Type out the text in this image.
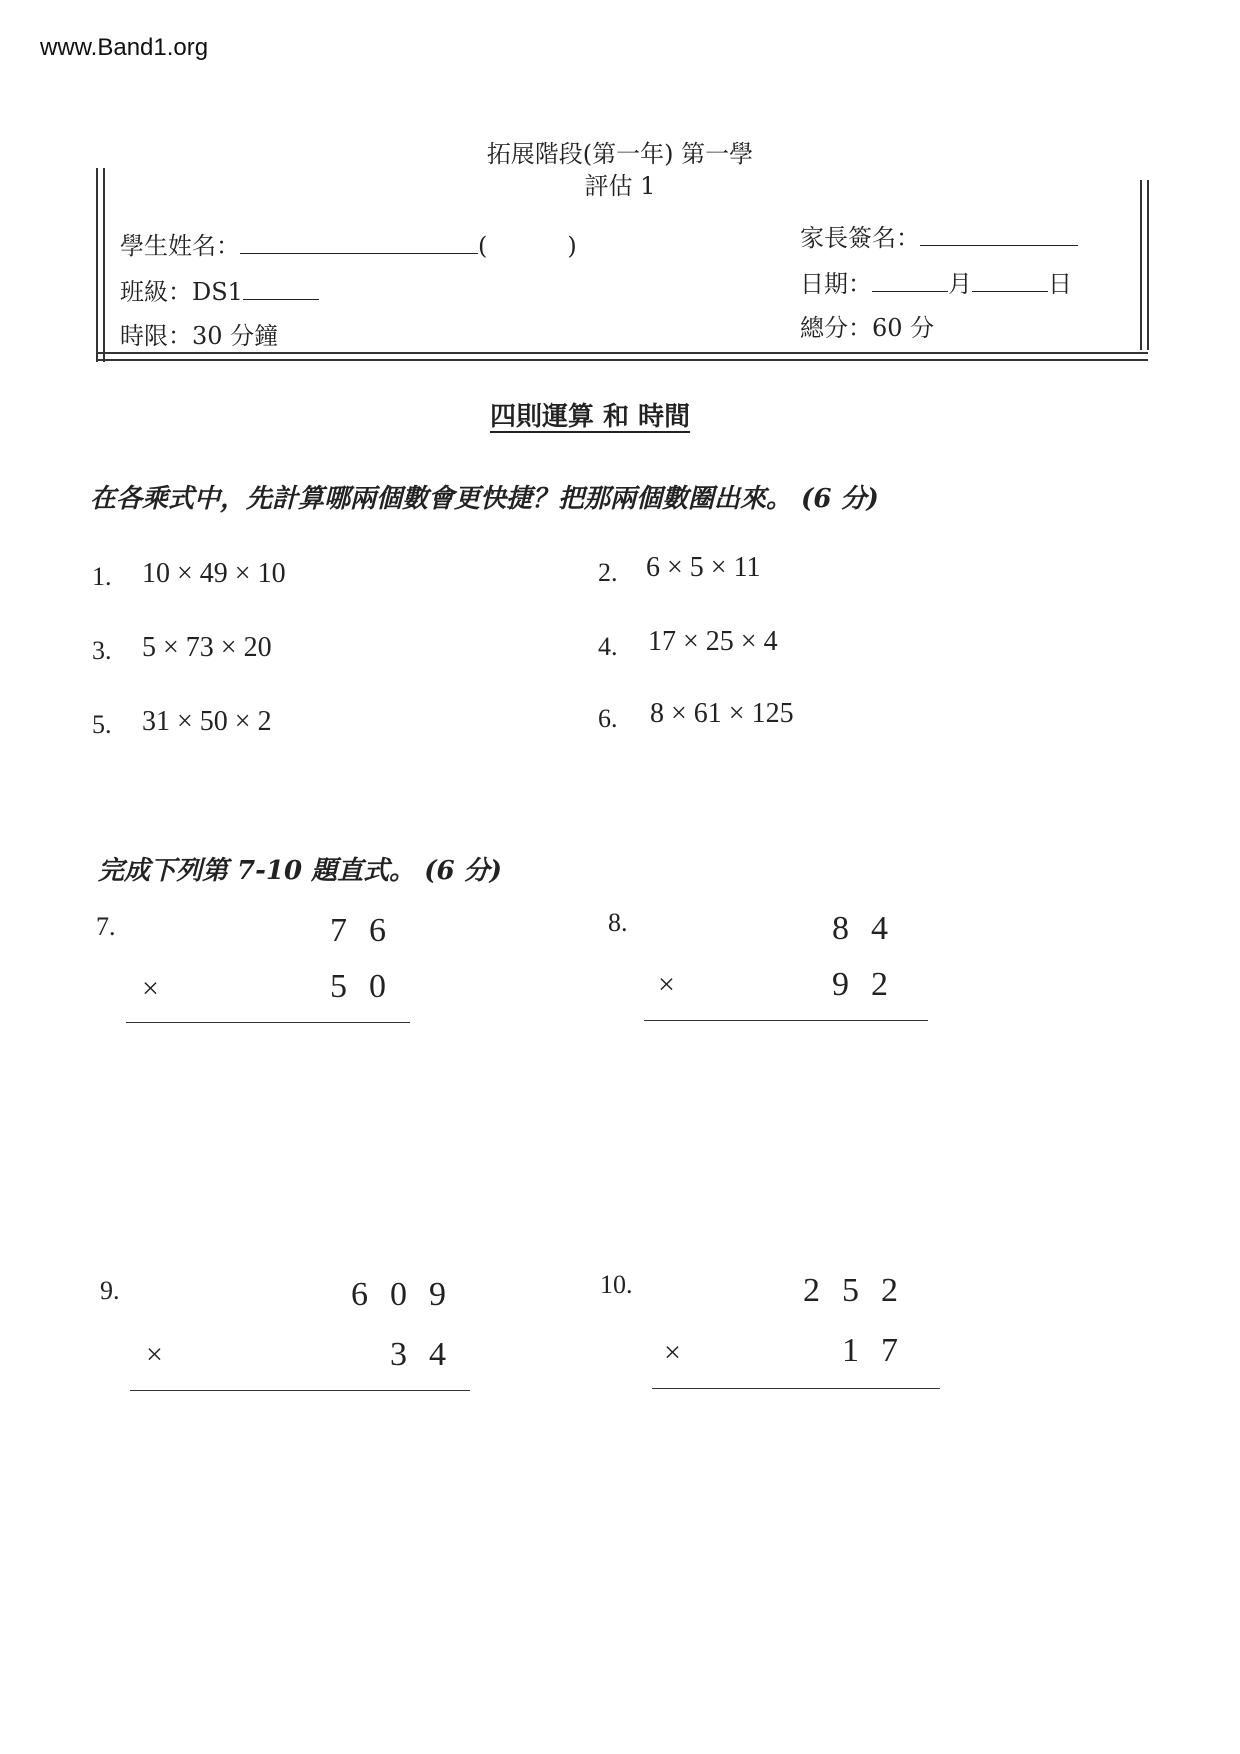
www.Band1.org
拓展階段(第一年) 第一學
評估 1
學生姓名：	(	)
班級：DS1
時限：30 分鐘
家長簽名：
日期：	月	日
總分：60 分
四則運算 和 時間
在各乘式中，先計算哪兩個數會更快捷？把那兩個數圈出來。 (6 分)
1. 10 × 49 × 10	2. 6 × 5 × 11
3. 5 × 73 × 20	4. 17 × 25 × 4
5. 31 × 50 × 2	6. 8 × 61 × 125
完成下列第 7-10 題直式。 (6 分)
7.	76
×	50
8.	84
×	92
9.	609
×	34
10.	252
×	17
